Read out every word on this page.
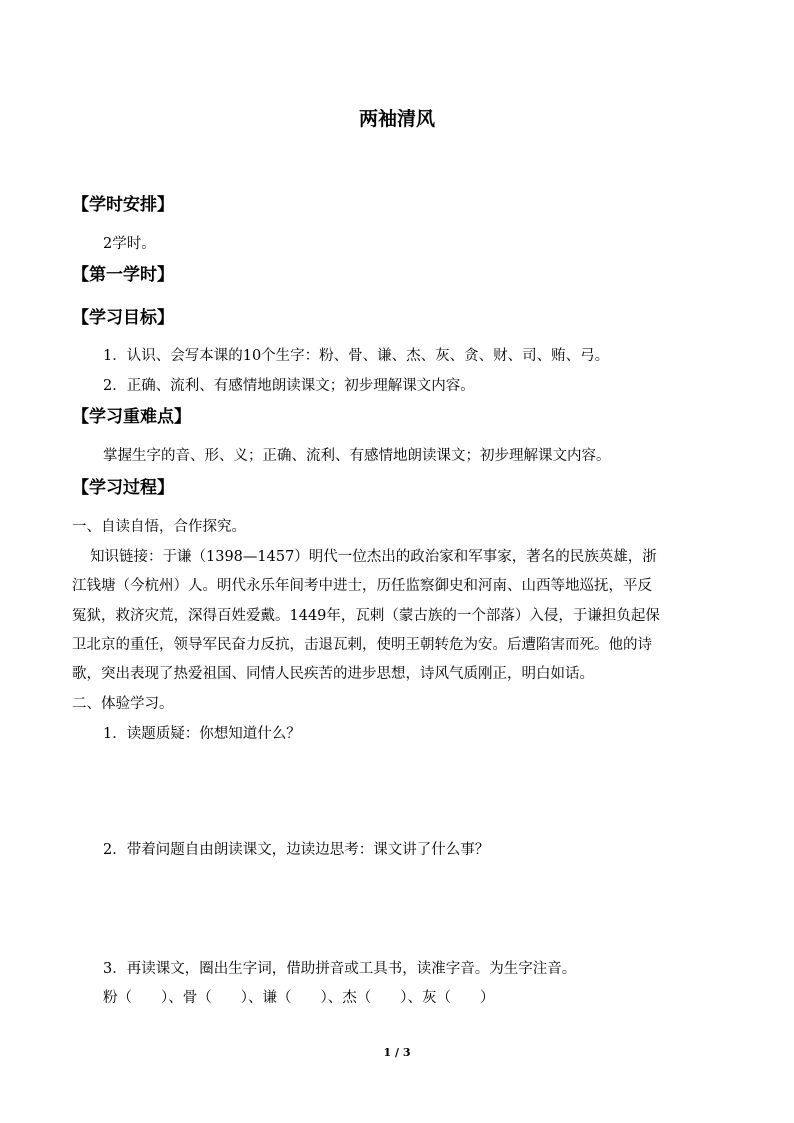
两袖清风
【学时安排】
2学时。
【第一学时】
【学习目标】
1．认识、会写本课的10个生字：粉、骨、谦、杰、灰、贪、财、司、贿、弓。
2．正确、流利、有感情地朗读课文；初步理解课文内容。
【学习重难点】
掌握生字的音、形、义；正确、流利、有感情地朗读课文；初步理解课文内容。
【学习过程】
一、自读自悟，合作探究。
知识链接：于谦（1398—1457）明代一位杰出的政治家和军事家，著名的民族英雄，浙
江钱塘（今杭州）人。明代永乐年间考中进士，历任监察御史和河南、山西等地巡抚，平反
冤狱，救济灾荒，深得百姓爱戴。1449年，瓦剌（蒙古族的一个部落）入侵，于谦担负起保
卫北京的重任，领导军民奋力反抗，击退瓦剌，使明王朝转危为安。后遭陷害而死。他的诗
歌，突出表现了热爱祖国、同情人民疾苦的进步思想，诗风气质刚正，明白如话。
二、体验学习。
1．读题质疑：你想知道什么？
2．带着问题自由朗读课文，边读边思考：课文讲了什么事？
3．再读课文，圈出生字词，借助拼音或工具书，读准字音。为生字注音。
粉（　　）、骨（　　）、谦（　　）、杰（　　）、灰（　　）
1 / 3
